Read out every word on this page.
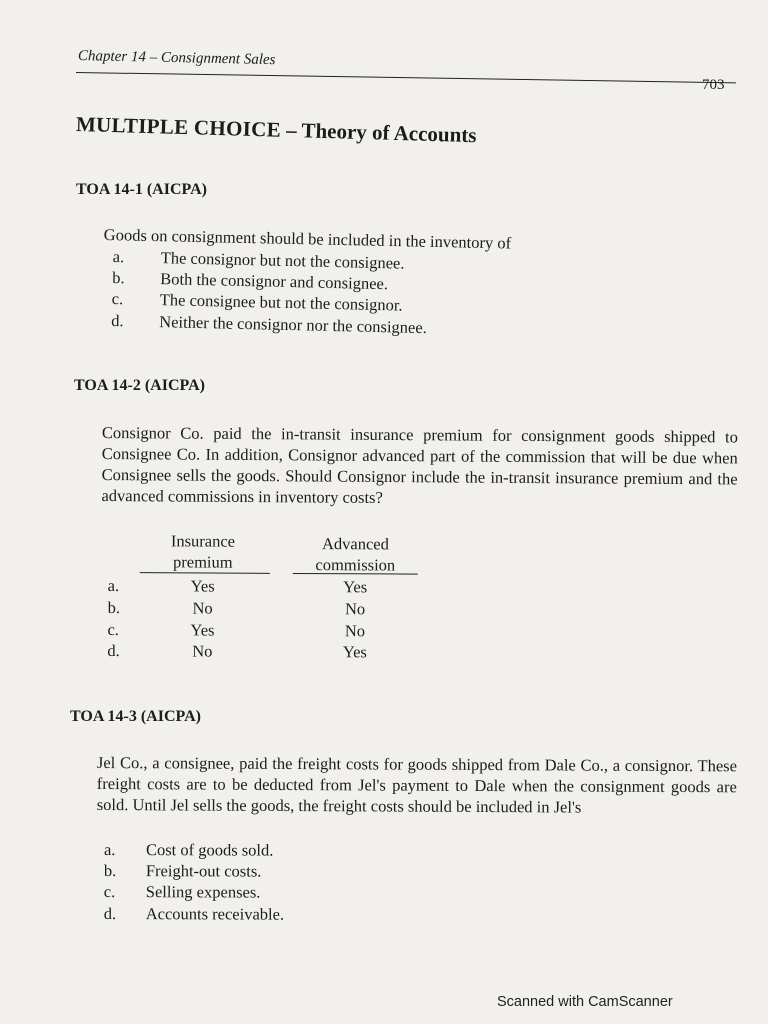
Chapter 14 – Consignment Sales
703
MULTIPLE CHOICE – Theory of Accounts
TOA 14-1 (AICPA)
Goods on consignment should be included in the inventory of
a.	The consignor but not the consignee.
b.	Both the consignor and consignee.
c.	The consignee but not the consignor.
d.	Neither the consignor nor the consignee.
TOA 14-2 (AICPA)
Consignor Co. paid the in-transit insurance premium for consignment goods shipped to Consignee Co. In addition, Consignor advanced part of the commission that will be due when Consignee sells the goods. Should Consignor include the in-transit insurance premium and the advanced commissions in inventory costs?
Insurance
premium
Advanced
commission
a.	Yes	Yes
b.	No	No
c.	Yes	No
d.	No	Yes
TOA 14-3 (AICPA)
Jel Co., a consignee, paid the freight costs for goods shipped from Dale Co., a consignor. These freight costs are to be deducted from Jel's payment to Dale when the consignment goods are sold. Until Jel sells the goods, the freight costs should be included in Jel's
a.	Cost of goods sold.
b.	Freight-out costs.
c.	Selling expenses.
d.	Accounts receivable.
Scanned with CamScanner
